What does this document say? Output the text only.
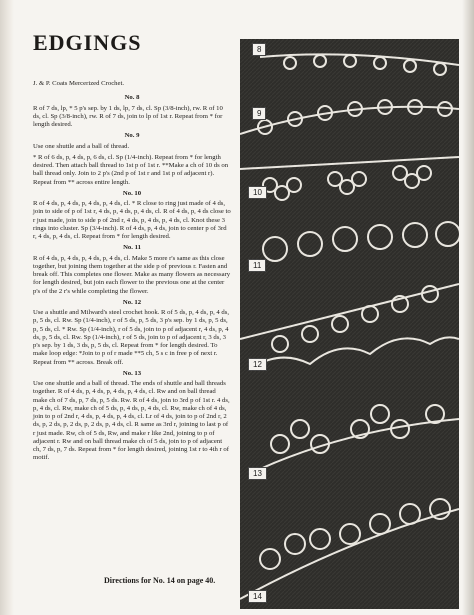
EDGINGS

J. & P. Coats Mercerized Crochet.

No. 8

R of 7 ds, lp, * 5 p's sep. by 1 ds, lp, 7 ds, cl. Sp (3/8-inch), rw. R of 10 ds, cl. Sp (3/8-inch), rw. R of 7 ds, join to lp of 1st r. Repeat from * for length desired.

No. 9

Use one shuttle and a ball of thread.

* R of 6 ds, p, 4 ds, p, 6 ds, cl. Sp (1/4-inch). Repeat from * for length desired. Then attach ball thread to 1st p of 1st r. **Make a ch of 10 ds on ball thread only. Join to 2 p's (2nd p of 1st r and 1st p of adjacent r). Repeat from ** across entire length.

No. 10

R of 4 ds, p, 4 ds, p, 4 ds, p, 4 ds, cl. * R close to ring just made of 4 ds, join to side of p of 1st r, 4 ds, p, 4 ds, p, 4 ds, cl. R of 4 ds, p, 4 ds close to r just made, join to side p of 2nd r, 4 ds, p, 4 ds, p, 4 ds, cl. Knot these 3 rings into cluster. Sp (3/4-inch). R of 4 ds, p, 4 ds, join to center p of 3rd r, 4 ds, p, 4 ds, cl. Repeat from * for length desired.

No. 11

R of 4 ds, p, 4 ds, p, 4 ds, p, 4 ds, cl. Make 5 more r's same as this close together, but joining them together at the side p of previous r. Fasten and break off. This completes one flower. Make as many flowers as necessary for length desired, but join each flower to the previous one at the center p's of the 2 r's while completing the flower.

No. 12

Use a shuttle and Milward's steel crochet hook. R of 5 ds, p, 4 ds, p, 4 ds, p, 5 ds, cl. Rw. Sp (1/4-inch), r of 5 ds, p, 5 ds, 3 p's sep. by 1 ds, p, 5 ds, p, 5 ds, cl. * Rw. Sp (1/4-inch), r of 5 ds, join to p of adjacent r, 4 ds, p, 4 ds, p, 5 ds, cl. Rw. Sp (1/4-inch), r of 5 ds, join to p of adjacent r, 3 ds, 3 p's sep. by 1 ds, 3 ds, p, 5 ds, cl. Repeat from * for length desired. To make loop edge: *Join to p of r made **5 ch, 5 s c in free p of next r. Repeat from ** across. Break off.

No. 13

Use one shuttle and a ball of thread. The ends of shuttle and ball threads together. R of 4 ds, p, 4 ds, p, 4 ds, p, 4 ds, cl. Rw and on ball thread make ch of 7 ds, p, 7 ds, p, 5 ds. Rw. R of 4 ds, join to 3rd p of 1st r. 4 ds, p, 4 ds, cl. Rw, make ch of 5 ds, p, 4 ds, p, 4 ds, cl. Rw, make ch of 4 ds, join to p of 2nd r, 4 ds, p, 4 ds, p, 4 ds, cl. Lr of 4 ds, join to p of 2nd r, 2 ds, p, 2 ds, p, 2 ds, p, 2 ds, p, 4 ds, cl. R same as 3rd r, joining to last p of r just made. Rw, ch of 5 ds, Rw, and make r like 2nd, joining to p of adjacent r. Rw and on ball thread make ch of 5 ds, join to p of adjacent ch, 7 ds, p, 7 ds. Repeat from * for length desired, joining 1st r to 4th r of motif.

Directions for No. 14 on page 40.
8
9
10
11
12
13
14
